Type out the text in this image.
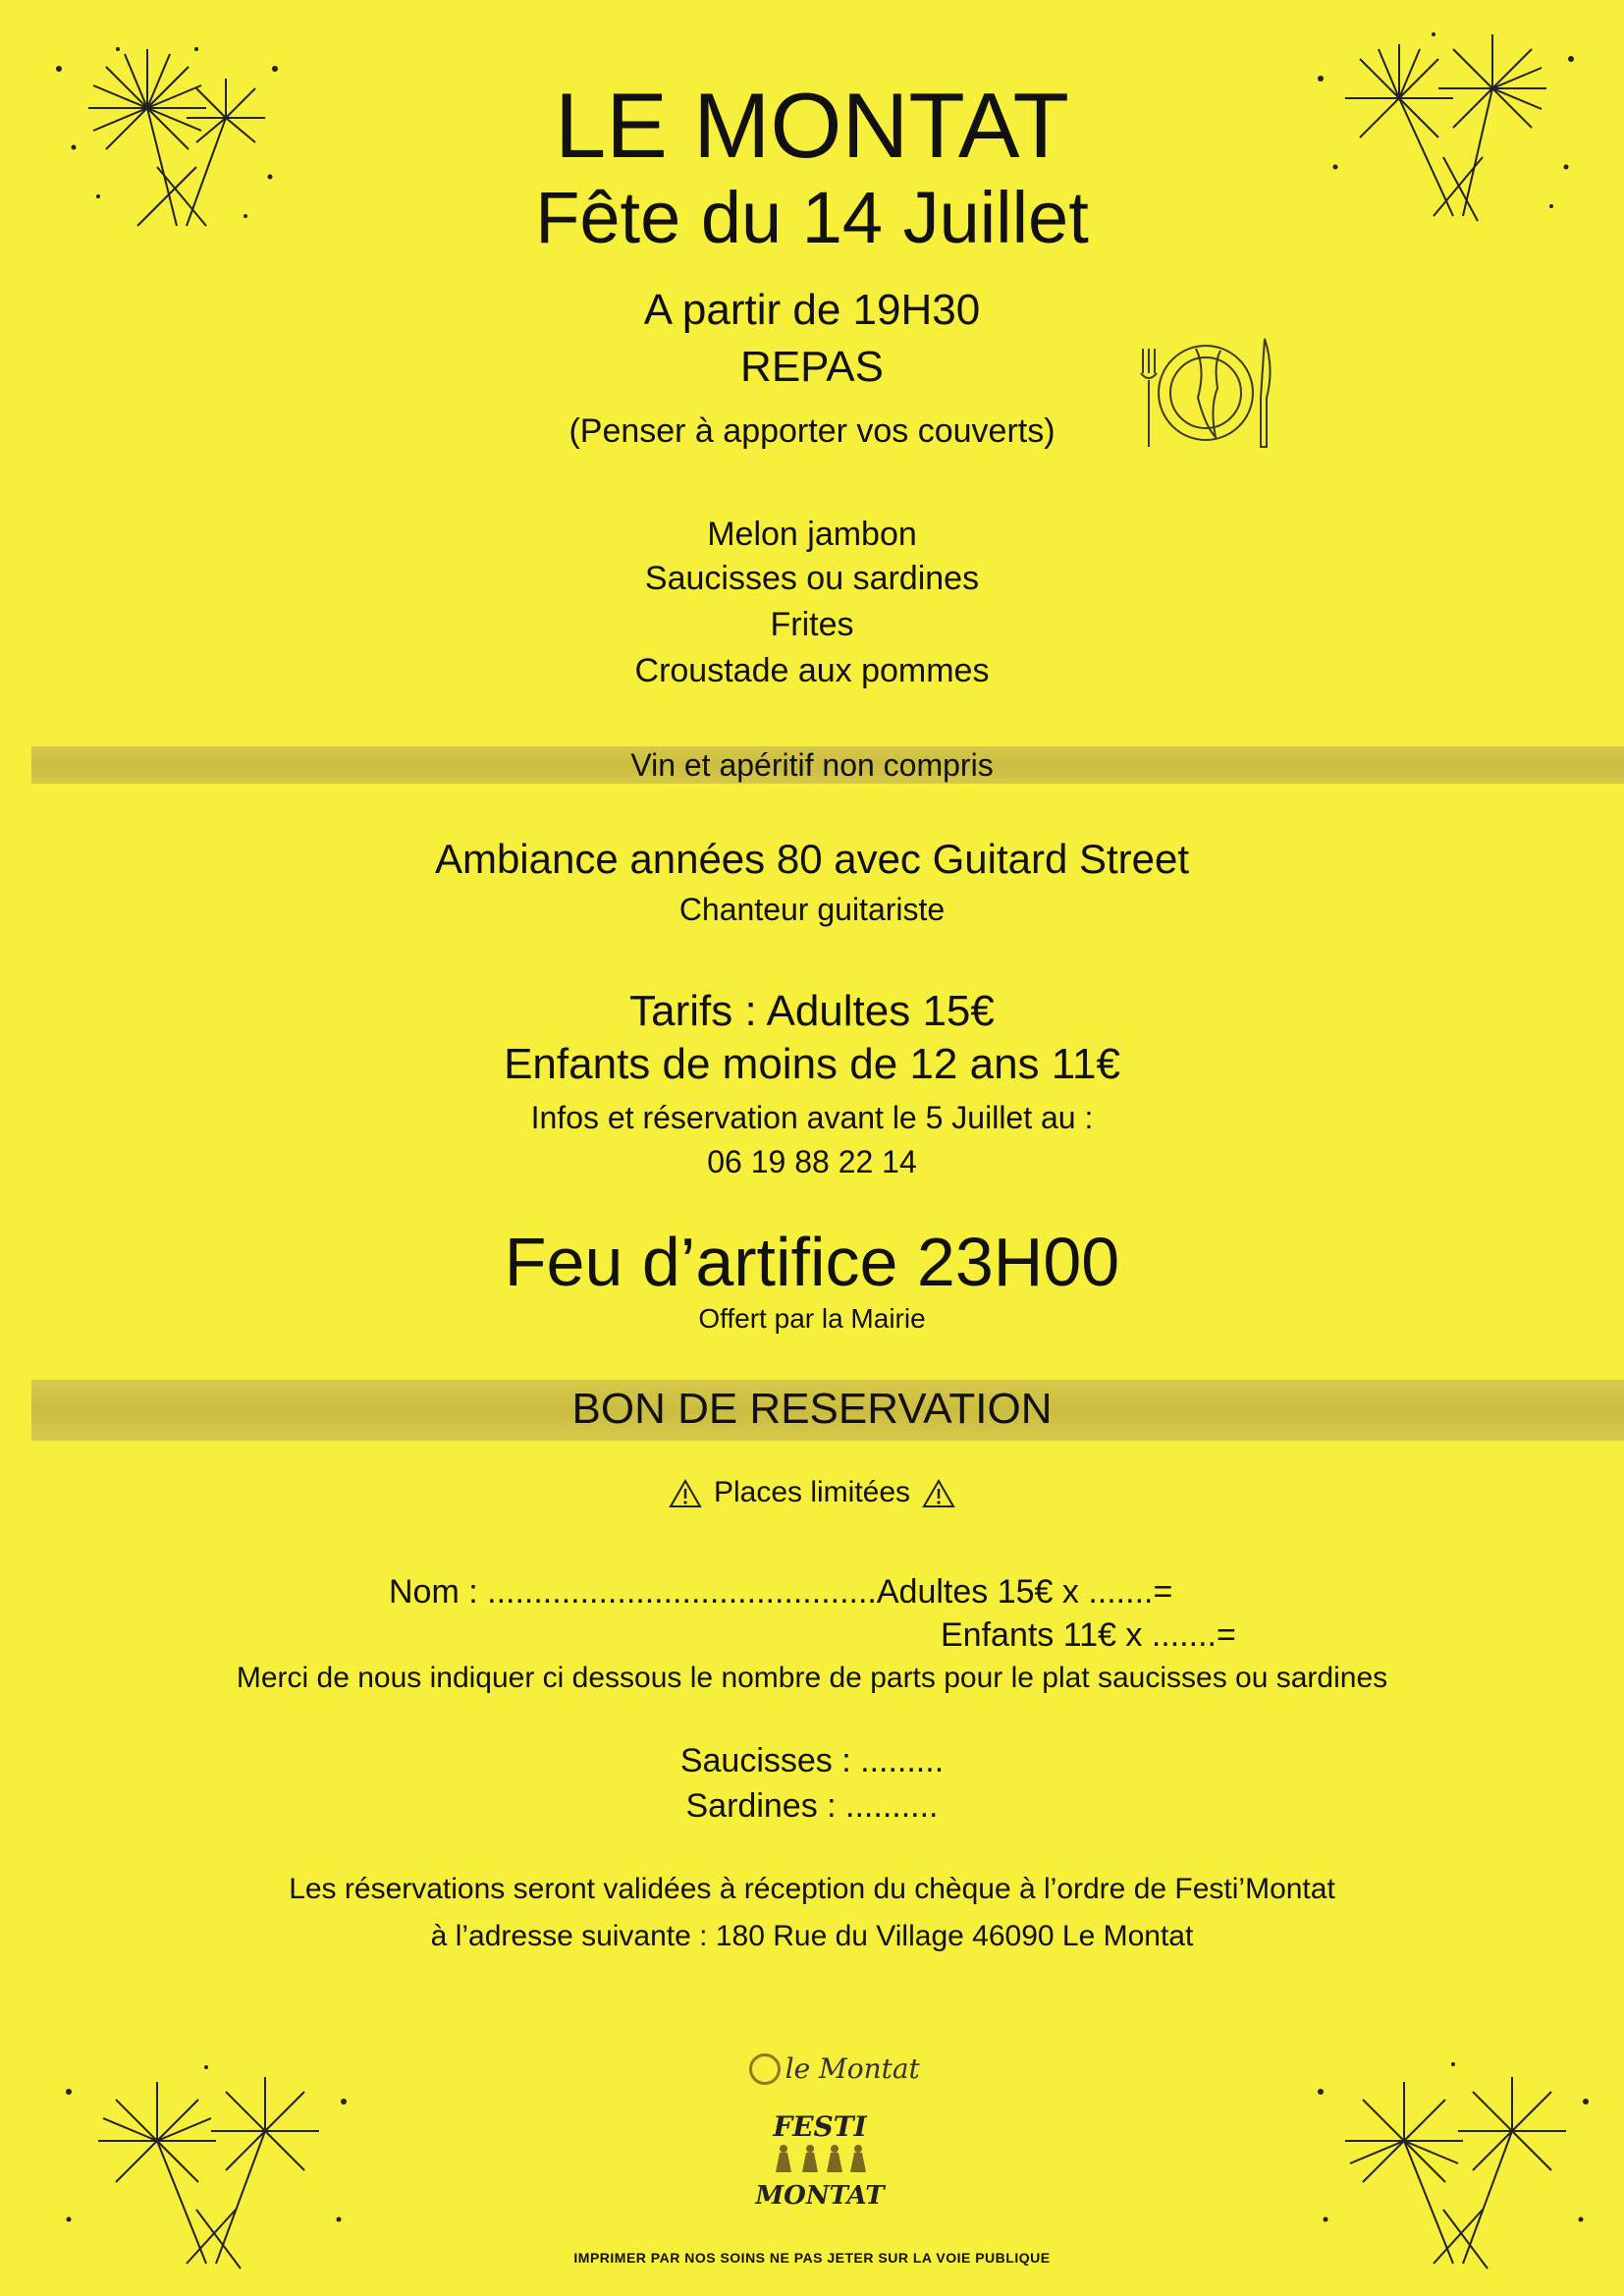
LE MONTAT
Fête du 14 Juillet
A partir de 19H30
REPAS
(Penser à apporter vos couverts)
Melon jambon
Saucisses ou sardines
Frites
Croustade aux pommes
Vin et apéritif non compris
Ambiance années 80 avec Guitard Street
Chanteur guitariste
Tarifs : Adultes 15€
Enfants de moins de 12 ans 11€
Infos et réservation avant le 5 Juillet au :
06 19 88 22 14
Feu d’artifice 23H00
Offert par la Mairie
BON DE RESERVATION
Places limitées
Nom : ..........................................Adultes 15€ x .......=
Enfants 11€ x .......=
Merci de nous indiquer ci dessous le nombre de parts pour le plat saucisses ou sardines
Saucisses : .........
Sardines : ..........
Les réservations seront validées à réception du chèque à l’ordre de Festi’Montat
à l’adresse suivante : 180 Rue du Village 46090 Le Montat
le Montat
FESTI
MONTAT
IMPRIMER PAR NOS SOINS NE PAS JETER SUR LA VOIE PUBLIQUE
